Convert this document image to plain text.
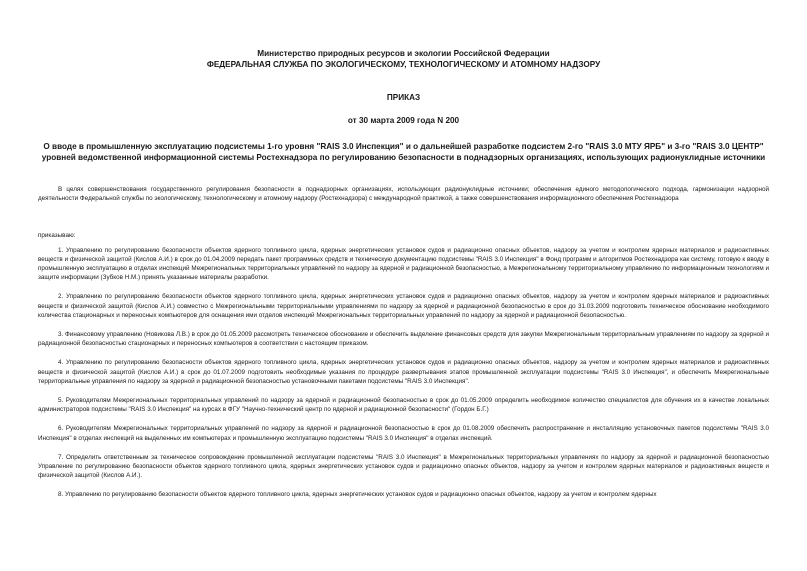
Министерство природных ресурсов и экологии Российской Федерации
ФЕДЕРАЛЬНАЯ СЛУЖБА ПО ЭКОЛОГИЧЕСКОМУ, ТЕХНОЛОГИЧЕСКОМУ И АТОМНОМУ НАДЗОРУ
ПРИКАЗ
от 30 марта 2009 года N 200
О вводе в промышленную эксплуатацию подсистемы 1-го уровня "RAIS 3.0 Инспекция" и о дальнейшей разработке подсистем 2-го "RAIS 3.0 МТУ ЯРБ" и 3-го "RAIS 3.0 ЦЕНТР" уровней ведомственной информационной системы Ростехнадзора по регулированию безопасности в поднадзорных организациях, использующих радионуклидные источники
В целях совершенствования государственного регулирования безопасности в поднадзорных организациях, использующих радионуклидные источники; обеспечения единого методологического подхода, гармонизации надзорной деятельности Федеральной службы по экологическому, технологическому и атомному надзору (Ростехнадзора) с международной практикой, а также совершенствования информационного обеспечения Ростехнадзора
приказываю:
1. Управлению по регулированию безопасности объектов ядерного топливного цикла, ядерных энергетических установок судов и радиационно опасных объектов, надзору за учетом и контролем ядерных материалов и радиоактивных веществ и физической защитой (Кислов А.И.) в срок до 01.04.2009 передать пакет программных средств и техническую документацию подсистемы "RAIS 3.0 Инспекция" в Фонд программ и алгоритмов Ростехнадзора как систему, готовую к вводу в промышленную эксплуатацию в отделах инспекций Межрегиональных территориальных управлений по надзору за ядерной и радиационной безопасностью, а Межрегиональному территориальному управлению по информационным технологиям и защите информации (Зубков Н.М.) принять указанные материалы разработки.
2. Управлению по регулированию безопасности объектов ядерного топливного цикла, ядерных энергетических установок судов и радиационно опасных объектов, надзору за учетом и контролем ядерных материалов и радиоактивных веществ и физической защитой (Кислов А.И.) совместно с Межрегиональными территориальными управлениями по надзору за ядерной и радиационной безопасностью в срок до 31.03.2009 подготовить техническое обоснование необходимого количества стационарных и переносных компьютеров для оснащения ими отделов инспекций Межрегиональных территориальных управлений по надзору за ядерной и радиационной безопасностью.
3. Финансовому управлению (Новикова Л.В.) в срок до 01.05.2009 рассмотреть техническое обоснование и обеспечить выделение финансовых средств для закупки Межрегиональным территориальным управлениям по надзору за ядерной и радиационной безопасностью стационарных и переносных компьютеров в соответствии с настоящим приказом.
4. Управлению по регулированию безопасности объектов ядерного топливного цикла, ядерных энергетических установок судов и радиационно опасных объектов, надзору за учетом и контролем ядерных материалов и радиоактивных веществ и физической защитой (Кислов А.И.) в срок до 01.07.2009 подготовить необходимые указания по процедуре развертывания этапов промышленной эксплуатации подсистемы "RAIS 3.0 Инспекция", и обеспечить Межрегиональные территориальные управления по надзору за ядерной и радиационной безопасностью установочными пакетами подсистемы "RAIS 3.0 Инспекция".
5. Руководителям Межрегиональных территориальных управлений по надзору за ядерной и радиационной безопасностью в срок до 01.05.2009 определить необходимое количество специалистов для обучения их в качестве локальных администраторов подсистемы "RAIS 3.0 Инспекция" на курсах в ФГУ "Научно-технический центр по ядерной и радиационной безопасности" (Гордон Б.Г.)
6. Руководителям Межрегиональных территориальных управлений по надзору за ядерной и радиационной безопасностью в срок до 01.08.2009 обеспечить распространение и инсталляцию установочных пакетов подсистемы "RAIS 3.0 Инспекция" в отделах инспекций на выделенных им компьютерах и промышленную эксплуатацию подсистемы "RAIS 3.0 Инспекция" в отделах инспекций.
7. Определить ответственным за техническое сопровождение промышленной эксплуатации подсистемы "RAIS 3.0 Инспекция" в Межрегиональных территориальных управлениях по надзору за ядерной и радиационной безопасностью Управление по регулированию безопасности объектов ядерного топливного цикла, ядерных энергетических установок судов и радиационно опасных объектов, надзору за учетом и контролем ядерных материалов и радиоактивных веществ и физической защитой (Кислов А.И.).
8. Управлению по регулированию безопасности объектов ядерного топливного цикла, ядерных энергетических установок судов и радиационно опасных объектов, надзору за учетом и контролем ядерных
